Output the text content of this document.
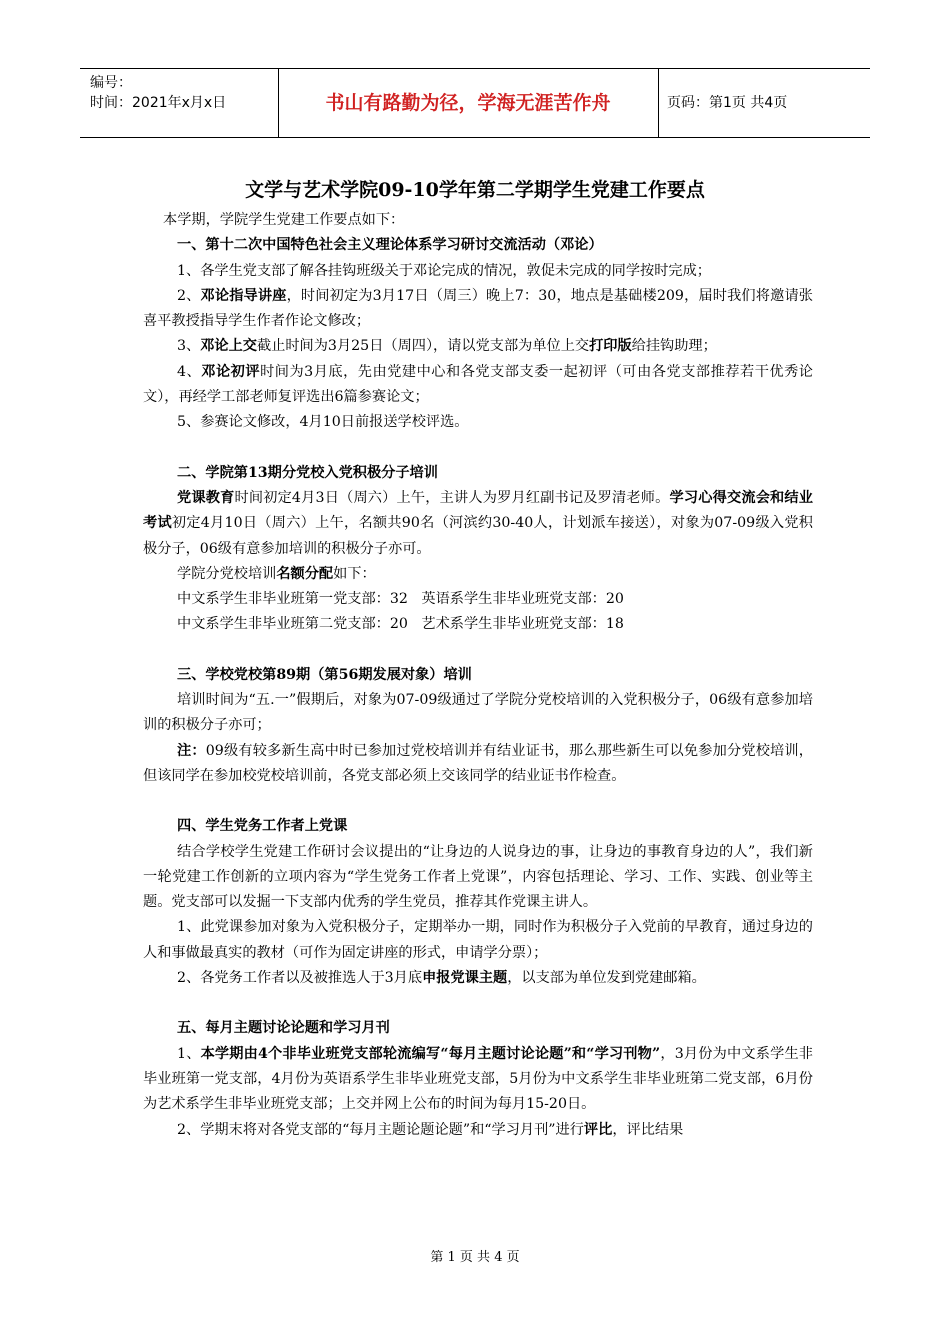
编号：
时间：2021年x月x日	书山有路勤为径，学海无涯苦作舟	页码：第1页 共4页
文学与艺术学院09-10学年第二学期学生党建工作要点

本学期，学院学生党建工作要点如下：

一、第十二次中国特色社会主义理论体系学习研讨交流活动（邓论）

1、各学生党支部了解各挂钩班级关于邓论完成的情况，敦促未完成的同学按时完成；

2、邓论指导讲座，时间初定为3月17日（周三）晚上7：30，地点是基础楼209，届时我们将邀请张喜平教授指导学生作者作论文修改；

3、邓论上交截止时间为3月25日（周四），请以党支部为单位上交打印版给挂钩助理；

4、邓论初评时间为3月底，先由党建中心和各党支部支委一起初评（可由各党支部推荐若干优秀论文），再经学工部老师复评选出6篇参赛论文；

5、参赛论文修改，4月10日前报送学校评选。

二、学院第13期分党校入党积极分子培训

党课教育时间初定4月3日（周六）上午，主讲人为罗月红副书记及罗清老师。学习心得交流会和结业考试初定4月10日（周六）上午，名额共90名（河滨约30-40人，计划派车接送），对象为07-09级入党积极分子，06级有意参加培训的积极分子亦可。

学院分党校培训名额分配如下：

中文系学生非毕业班第一党支部：32   英语系学生非毕业班党支部：20

中文系学生非毕业班第二党支部：20   艺术系学生非毕业班党支部：18

三、学校党校第89期（第56期发展对象）培训

培训时间为“五.一”假期后，对象为07-09级通过了学院分党校培训的入党积极分子，06级有意参加培训的积极分子亦可；

注：09级有较多新生高中时已参加过党校培训并有结业证书，那么那些新生可以免参加分党校培训，但该同学在参加校党校培训前，各党支部必须上交该同学的结业证书作检查。

四、学生党务工作者上党课

结合学校学生党建工作研讨会议提出的“让身边的人说身边的事，让身边的事教育身边的人”，我们新一轮党建工作创新的立项内容为“学生党务工作者上党课”，内容包括理论、学习、工作、实践、创业等主题。党支部可以发掘一下支部内优秀的学生党员，推荐其作党课主讲人。

1、此党课参加对象为入党积极分子，定期举办一期，同时作为积极分子入党前的早教育，通过身边的人和事做最真实的教材（可作为固定讲座的形式，申请学分票）；

2、各党务工作者以及被推选人于3月底申报党课主题，以支部为单位发到党建邮箱。

五、每月主题讨论论题和学习月刊

1、本学期由4个非毕业班党支部轮流编写“每月主题讨论论题”和“学习刊物”，3月份为中文系学生非毕业班第一党支部，4月份为英语系学生非毕业班党支部，5月份为中文系学生非毕业班第二党支部，6月份为艺术系学生非毕业班党支部；上交并网上公布的时间为每月15-20日。

2、学期末将对各党支部的“每月主题论题论题”和“学习月刊”进行评比，评比结果

第 1 页 共 4 页
